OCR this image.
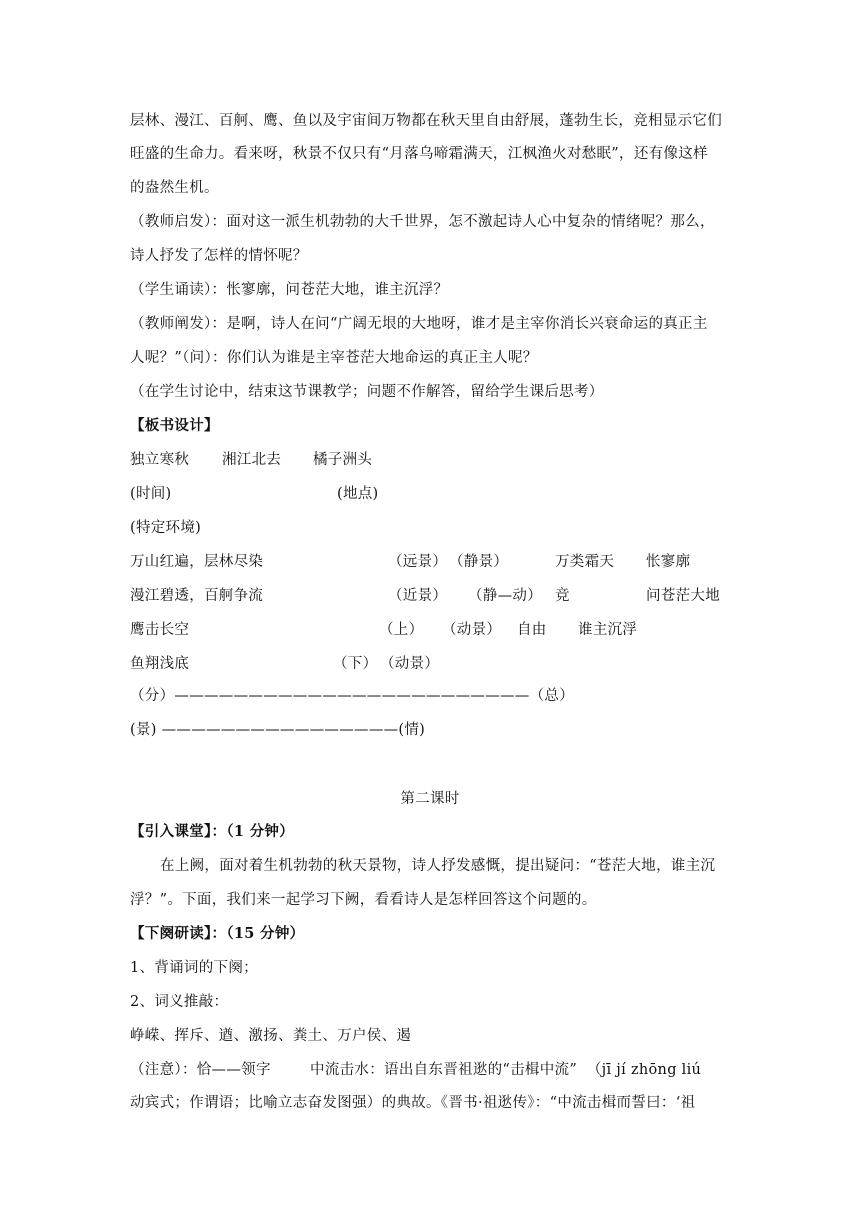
层林、漫江、百舸、鹰、鱼以及宇宙间万物都在秋天里自由舒展，蓬勃生长，竞相显示它们
旺盛的生命力。看来呀，秋景不仅只有“月落乌啼霜满天，江枫渔火对愁眠”，还有像这样
的盎然生机。
（教师启发）：面对这一派生机勃勃的大千世界，怎不激起诗人心中复杂的情绪呢？那么，
诗人抒发了怎样的情怀呢？
（学生诵读）：怅寥廓，问苍茫大地，谁主沉浮？
（教师阐发）：是啊，诗人在问“广阔无垠的大地呀，谁才是主宰你消长兴衰命运的真正主
人呢？”（问）：你们认为谁是主宰苍茫大地命运的真正主人呢？
（在学生讨论中，结束这节课教学；问题不作解答，留给学生课后思考）
【板书设计】
独立寒秋 湘江北去 橘子洲头
(时间)	(地点)
(特定环境)
万山红遍，层林尽染	（远景） （静景）	万类霜天 怅寥廓
漫江碧透，百舸争流	（近景） （静—动） 竞	问苍茫大地
鹰击长空	（上） （动景） 自由 谁主沉浮
鱼翔浅底	（下） （动景）
（分）————————————————————————（总）
(景) ————————————————(情)
第二课时
【引入课堂】：（1 分钟）
在上阙，面对着生机勃勃的秋天景物，诗人抒发感慨，提出疑问：“苍茫大地，谁主沉
浮？”。下面，我们来一起学习下阙，看看诗人是怎样回答这个问题的。
【下阕研读】：（15 分钟）
1、背诵词的下阕；
2、词义推敲：
峥嵘、挥斥、遒、激扬、粪土、万户侯、遏
（注意）：恰——领字        中流击水：语出自东晋祖逖的“击楫中流”  （jī jí zhōng liú
动宾式；作谓语；比喻立志奋发图强）的典故。《晋书·祖逖传》：“中流击楫而誓曰：‘祖
